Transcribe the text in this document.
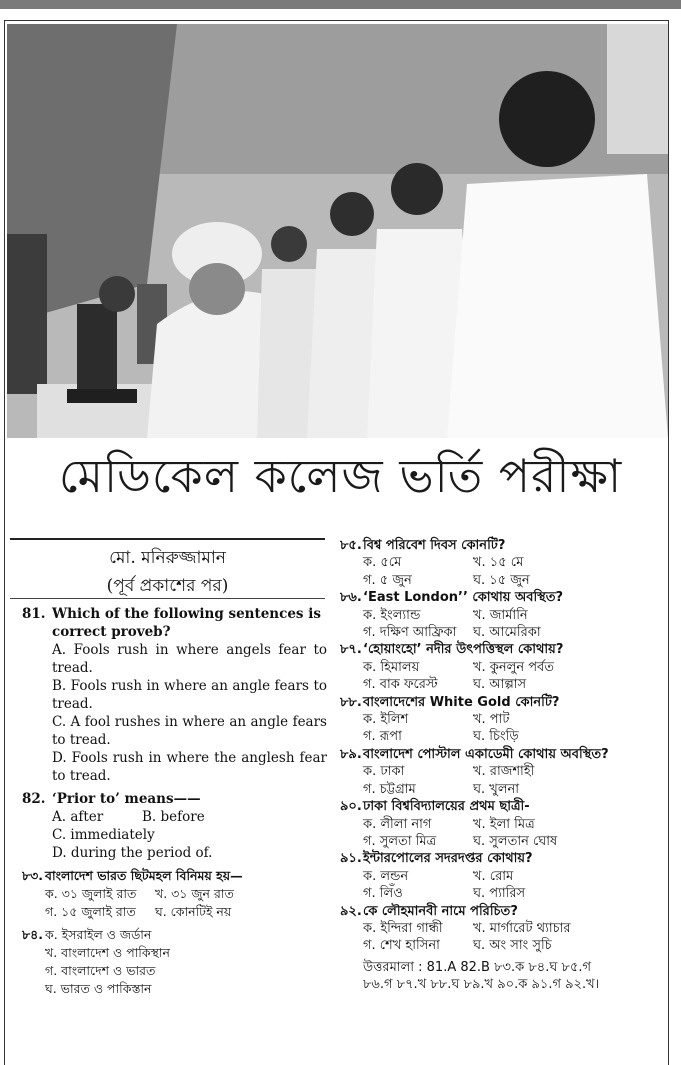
মেডিকেল কলেজ ভর্তি পরীক্ষা
মো. মনিরুজ্জামান
(পূর্ব প্রকাশের পর)
81. Which of the following sentences is correct proveb?
A. Fools rush in where angels fear to tread.
B. Fools rush in where an angle fears to tread.
C. A fool rushes in where an angle fears to tread.
D. Fools rush in where the anglesh fear to tread.
82. ‘Prior to’ means——
A. after	B. before
C. immediately
D. during the period of.
৮৩. বাংলাদেশ ভারত ছিটমহল বিনিময় হয়—
ক. ৩১ জুলাই রাত	খ. ৩১ জুন রাত
গ. ১৫ জুলাই রাত	ঘ. কোনটিই নয়
৮৪. ক. ইসরাইল ও জর্ডান
খ. বাংলাদেশ ও পাকিস্থান
গ. বাংলাদেশ ও ভারত
ঘ. ভারত ও পাকিস্তান
৮৫. বিশ্ব পরিবেশ দিবস কোনটি?
ক. ৫মে	খ. ১৫ মে
গ. ৫ জুন	ঘ. ১৫ জুন
৮৬. ‘East London’’ কোথায় অবস্থিত?
ক. ইংল্যান্ড	খ. জার্মানি
গ. দক্ষিণ আফ্রিকা	ঘ. আমেরিকা
৮৭. ‘হোয়াংহো’ নদীর উৎপত্তিস্থল কোথায়?
ক. হিমালয়	খ. কুনলুন পর্বত
গ. বাক ফরেস্ট	ঘ. আল্পাস
৮৮. বাংলাদেশের White Gold কোনটি?
ক. ইলিশ	খ. পাট
গ. রূপা	ঘ. চিংড়ি
৮৯. বাংলাদেশ পোস্টাল একাডেমী কোথায় অবস্থিত?
ক. ঢাকা	খ. রাজশাহী
গ. চট্টগ্রাম	ঘ. খুলনা
৯০. ঢাকা বিশ্ববিদ্যালয়ের প্রথম ছাত্রী-
ক. লীলা নাগ	খ. ইলা মিত্র
গ. সুলতা মিত্র	ঘ. সুলতান ঘোষ
৯১. ইন্টারপোলের সদরদপ্তর কোথায়?
ক. লন্ডন	খ. রোম
গ. লিঁও	ঘ. প্যারিস
৯২. কে লৌহমানবী নামে পরিচিত?
ক. ইন্দিরা গান্ধী	খ. মার্গারেট থ্যাচার
গ. শেখ হাসিনা	ঘ. অং সাং সুচি
উত্তরমালা : 81.A 82.B ৮৩.ক ৮৪.ঘ ৮৫.গ
৮৬.গ ৮৭.খ ৮৮.ঘ ৮৯.খ ৯০.ক ৯১.গ ৯২.খ।
